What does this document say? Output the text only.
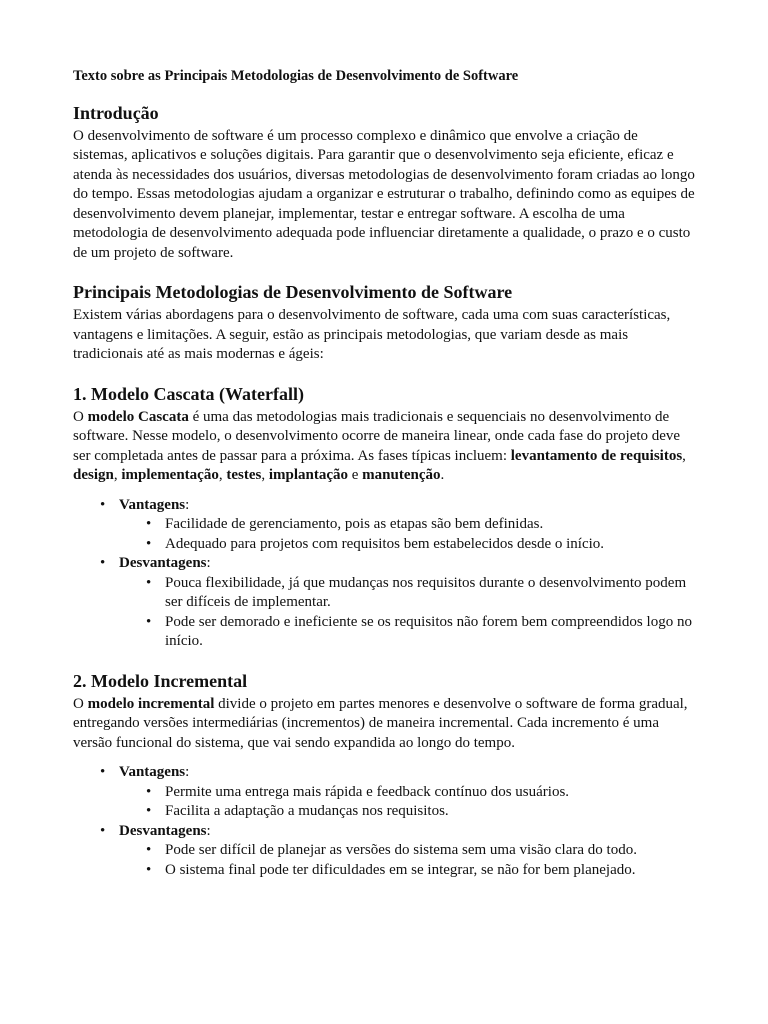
Texto sobre as Principais Metodologias de Desenvolvimento de Software
Introdução

O desenvolvimento de software é um processo complexo e dinâmico que envolve a criação de sistemas, aplicativos e soluções digitais. Para garantir que o desenvolvimento seja eficiente, eficaz e atenda às necessidades dos usuários, diversas metodologias de desenvolvimento foram criadas ao longo do tempo. Essas metodologias ajudam a organizar e estruturar o trabalho, definindo como as equipes de desenvolvimento devem planejar, implementar, testar e entregar software. A escolha de uma metodologia de desenvolvimento adequada pode influenciar diretamente a qualidade, o prazo e o custo de um projeto de software.

Principais Metodologias de Desenvolvimento de Software

Existem várias abordagens para o desenvolvimento de software, cada uma com suas características, vantagens e limitações. A seguir, estão as principais metodologias, que variam desde as mais tradicionais até as mais modernas e ágeis:

1. Modelo Cascata (Waterfall)

O modelo Cascata é uma das metodologias mais tradicionais e sequenciais no desenvolvimento de software. Nesse modelo, o desenvolvimento ocorre de maneira linear, onde cada fase do projeto deve ser completada antes de passar para a próxima. As fases típicas incluem: levantamento de requisitos, design, implementação, testes, implantação e manutenção.

• Vantagens:
• Facilidade de gerenciamento, pois as etapas são bem definidas.
• Adequado para projetos com requisitos bem estabelecidos desde o início.
• Desvantagens:
• Pouca flexibilidade, já que mudanças nos requisitos durante o desenvolvimento podem ser difíceis de implementar.
• Pode ser demorado e ineficiente se os requisitos não forem bem compreendidos logo no início.
2. Modelo Incremental

O modelo incremental divide o projeto em partes menores e desenvolve o software de forma gradual, entregando versões intermediárias (incrementos) de maneira incremental. Cada incremento é uma versão funcional do sistema, que vai sendo expandida ao longo do tempo.

• Vantagens:
• Permite uma entrega mais rápida e feedback contínuo dos usuários.
• Facilita a adaptação a mudanças nos requisitos.
• Desvantagens:
• Pode ser difícil de planejar as versões do sistema sem uma visão clara do todo.
• O sistema final pode ter dificuldades em se integrar, se não for bem planejado.
